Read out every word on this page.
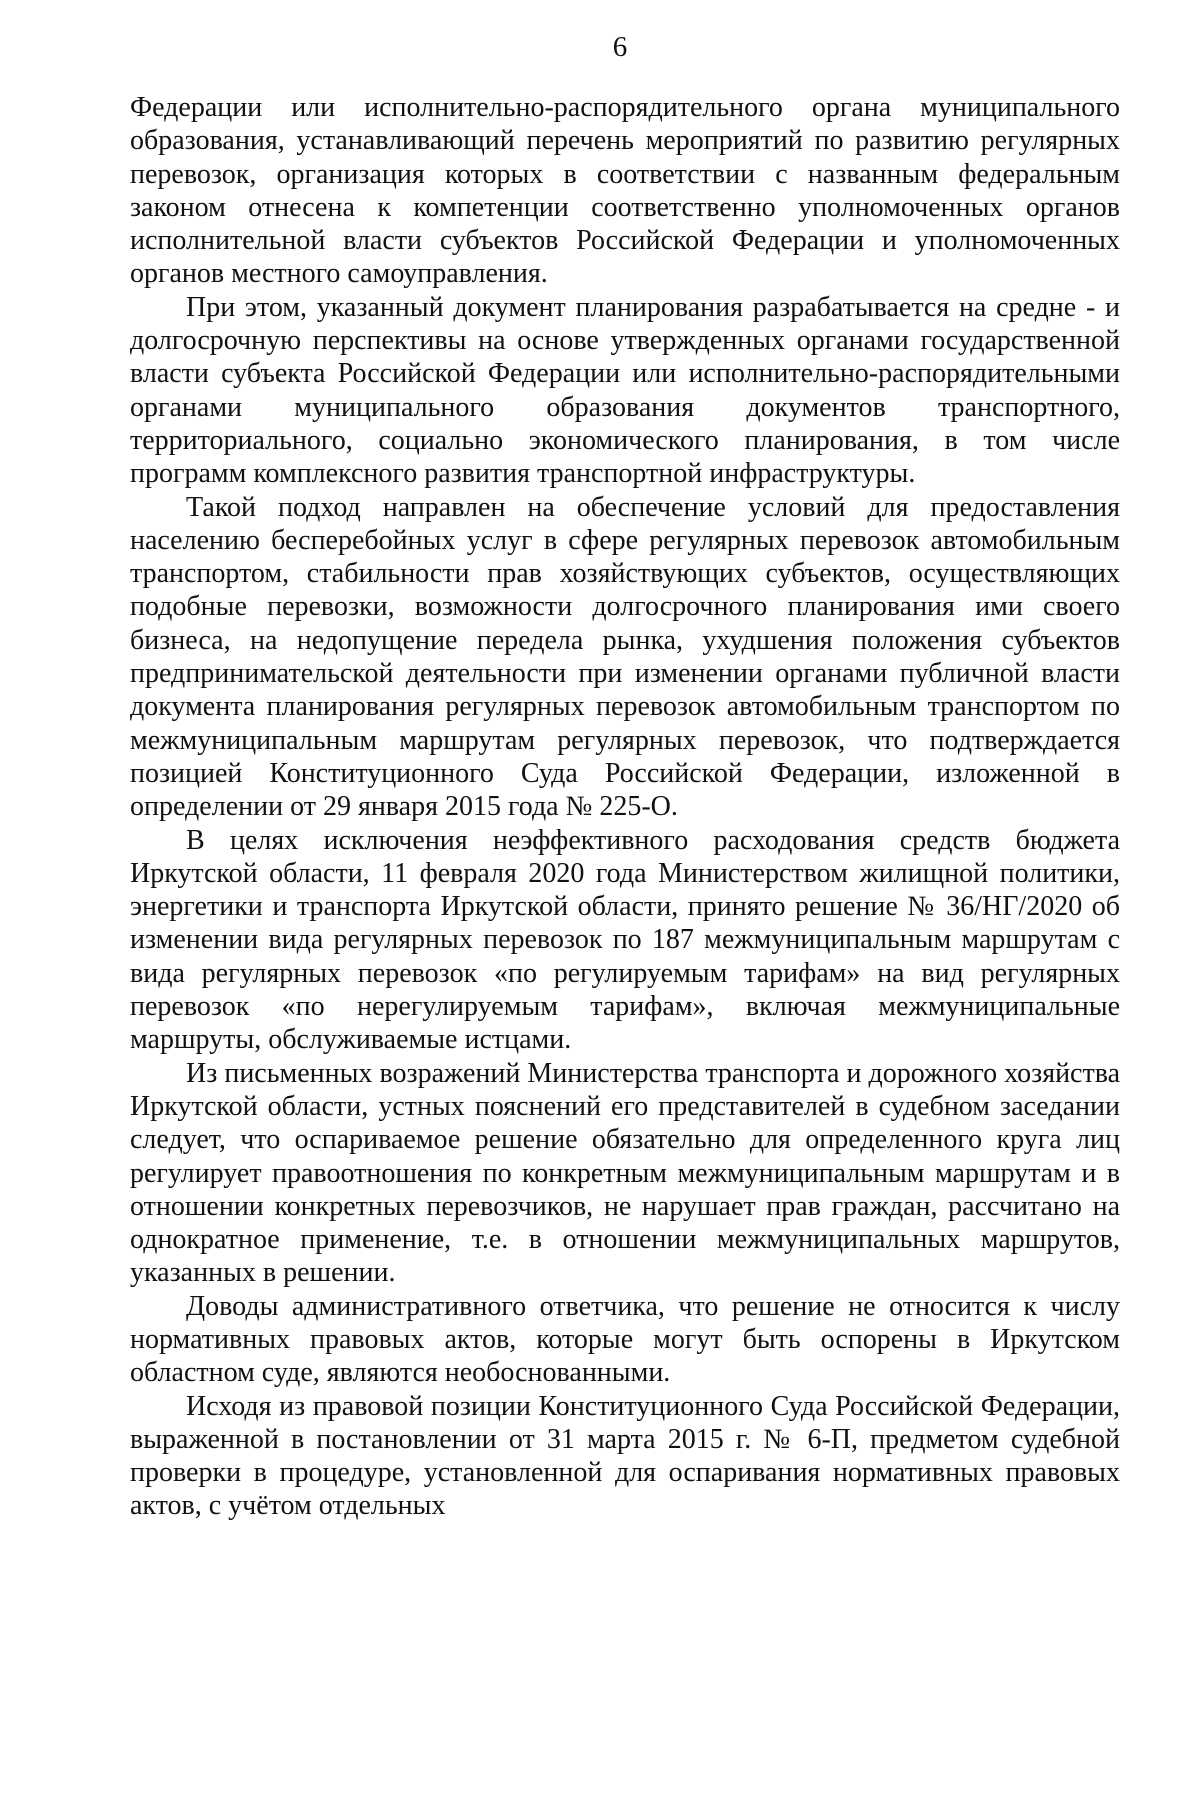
6

Федерации или исполнительно-распорядительного органа муниципального образования, устанавливающий перечень мероприятий по развитию регулярных перевозок, организация которых в соответствии с названным федеральным законом отнесена к компетенции соответственно уполномоченных органов исполнительной власти субъектов Российской Федерации и уполномоченных органов местного самоуправления.

При этом, указанный документ планирования разрабатывается на средне - и долгосрочную перспективы на основе утвержденных органами государственной власти субъекта Российской Федерации или исполнительно-распорядительными органами муниципального образования документов транспортного, территориального, социально экономического планирования, в том числе программ комплексного развития транспортной инфраструктуры.

Такой подход направлен на обеспечение условий для предоставления населению бесперебойных услуг в сфере регулярных перевозок автомобильным транспортом, стабильности прав хозяйствующих субъектов, осуществляющих подобные перевозки, возможности долгосрочного планирования ими своего бизнеса, на недопущение передела рынка, ухудшения положения субъектов предпринимательской деятельности при изменении органами публичной власти документа планирования регулярных перевозок автомобильным транспортом по межмуниципальным маршрутам регулярных перевозок, что подтверждается позицией Конституционного Суда Российской Федерации, изложенной в определении от 29 января 2015 года № 225-О.

В целях исключения неэффективного расходования средств бюджета Иркутской области, 11 февраля 2020 года Министерством жилищной политики, энергетики и транспорта Иркутской области, принято решение № 36/НГ/2020 об изменении вида регулярных перевозок по 187 межмуниципальным маршрутам с вида регулярных перевозок «по регулируемым тарифам» на вид регулярных перевозок «по нерегулируемым тарифам», включая межмуниципальные маршруты, обслуживаемые истцами.

Из письменных возражений Министерства транспорта и дорожного хозяйства Иркутской области, устных пояснений его представителей в судебном заседании следует, что оспариваемое решение обязательно для определенного круга лиц регулирует правоотношения по конкретным межмуниципальным маршрутам и в отношении конкретных перевозчиков, не нарушает прав граждан, рассчитано на однократное применение, т.е. в отношении межмуниципальных маршрутов, указанных в решении.

Доводы административного ответчика, что решение не относится к числу нормативных правовых актов, которые могут быть оспорены в Иркутском областном суде, являются необоснованными.

Исходя из правовой позиции Конституционного Суда Российской Федерации, выраженной в постановлении от 31 марта 2015 г. № 6-П, предметом судебной проверки в процедуре, установленной для оспаривания нормативных правовых актов, с учётом отдельных
